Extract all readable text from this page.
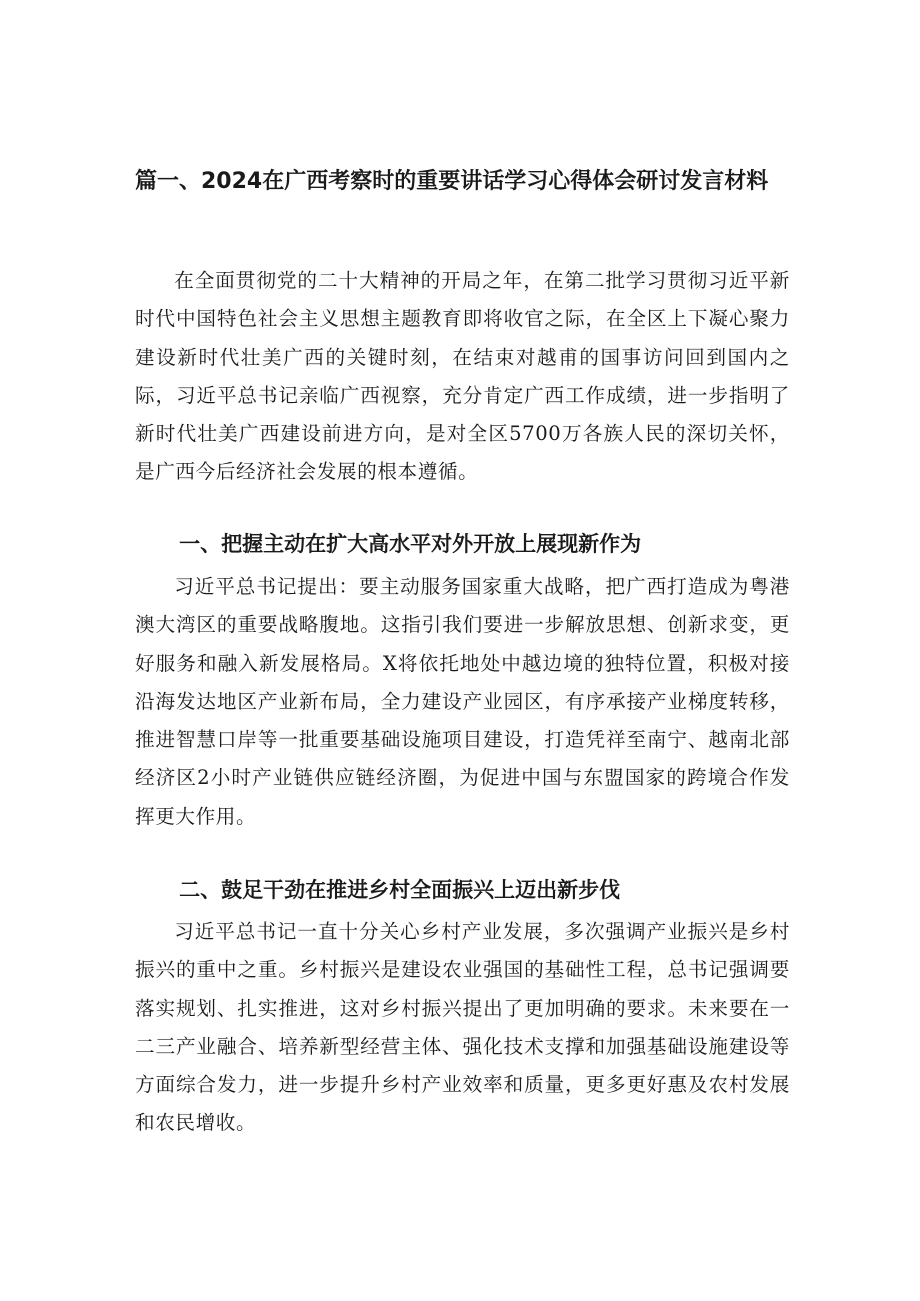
篇一、2024在广西考察时的重要讲话学习心得体会研讨发言材料

在全面贯彻党的二十大精神的开局之年，在第二批学习贯彻习近平新时代中国特色社会主义思想主题教育即将收官之际，在全区上下凝心聚力建设新时代壮美广西的关键时刻，在结束对越甫的国事访问回到国内之际，习近平总书记亲临广西视察，充分肯定广西工作成绩，进一步指明了新时代壮美广西建设前进方向，是对全区5700万各族人民的深切关怀，是广西今后经济社会发展的根本遵循。

一、把握主动在扩大高水平对外开放上展现新作为

习近平总书记提出：要主动服务国家重大战略，把广西打造成为粤港澳大湾区的重要战略腹地。这指引我们要进一步解放思想、创新求变，更好服务和融入新发展格局。X将依托地处中越边境的独特位置，积极对接沿海发达地区产业新布局，全力建设产业园区，有序承接产业梯度转移，推进智慧口岸等一批重要基础设施项目建设，打造凭祥至南宁、越南北部经济区2小时产业链供应链经济圈，为促进中国与东盟国家的跨境合作发挥更大作用。

二、鼓足干劲在推进乡村全面振兴上迈出新步伐

习近平总书记一直十分关心乡村产业发展，多次强调产业振兴是乡村振兴的重中之重。乡村振兴是建设农业强国的基础性工程，总书记强调要落实规划、扎实推进，这对乡村振兴提出了更加明确的要求。未来要在一二三产业融合、培养新型经营主体、强化技术支撑和加强基础设施建设等方面综合发力，进一步提升乡村产业效率和质量，更多更好惠及农村发展和农民增收。
